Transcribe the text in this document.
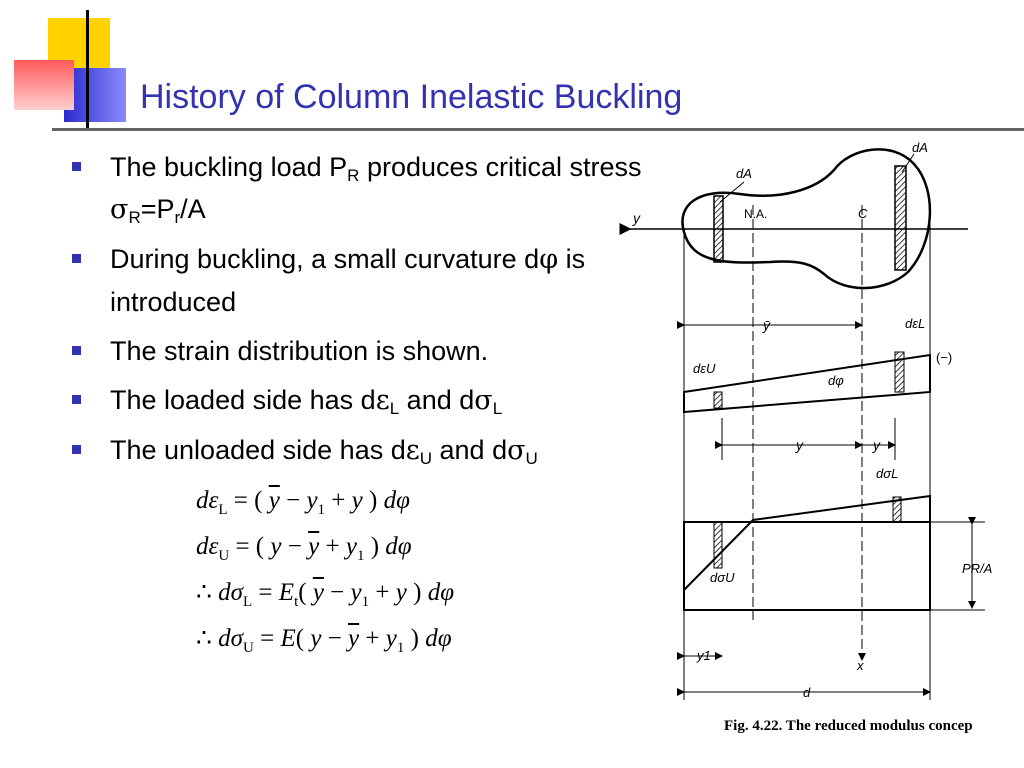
History of Column Inelastic Buckling
The buckling load $P_R$ produces critical stress $\sigma_R=P_r/A$
During buckling, a small curvature dφ is introduced
The strain distribution is shown.
The loaded side has $d\varepsilon_L$ and $d\sigma_L$
The unloaded side has $d\varepsilon_U$ and $d\sigma_U$
$d\varepsilon_L$ = ( $\overline{y} - y_1 + y$ ) dφ
$d\varepsilon_U$ = ( $y - \overline{y} + y_1$ ) dφ
∴ $d\sigma_L = E_t$( $\overline{y} - y_1 + y$ ) dφ
∴ $d\sigma_U = E$( $y - \overline{y} + y_1$ ) dφ
y
dA
dA
N.A.	C
ȳ	dεL
dεU
dφ
(−)
y	y
dσL
dσU
PR/A
x
y1
d
Fig. 4.22. The reduced modulus concep
